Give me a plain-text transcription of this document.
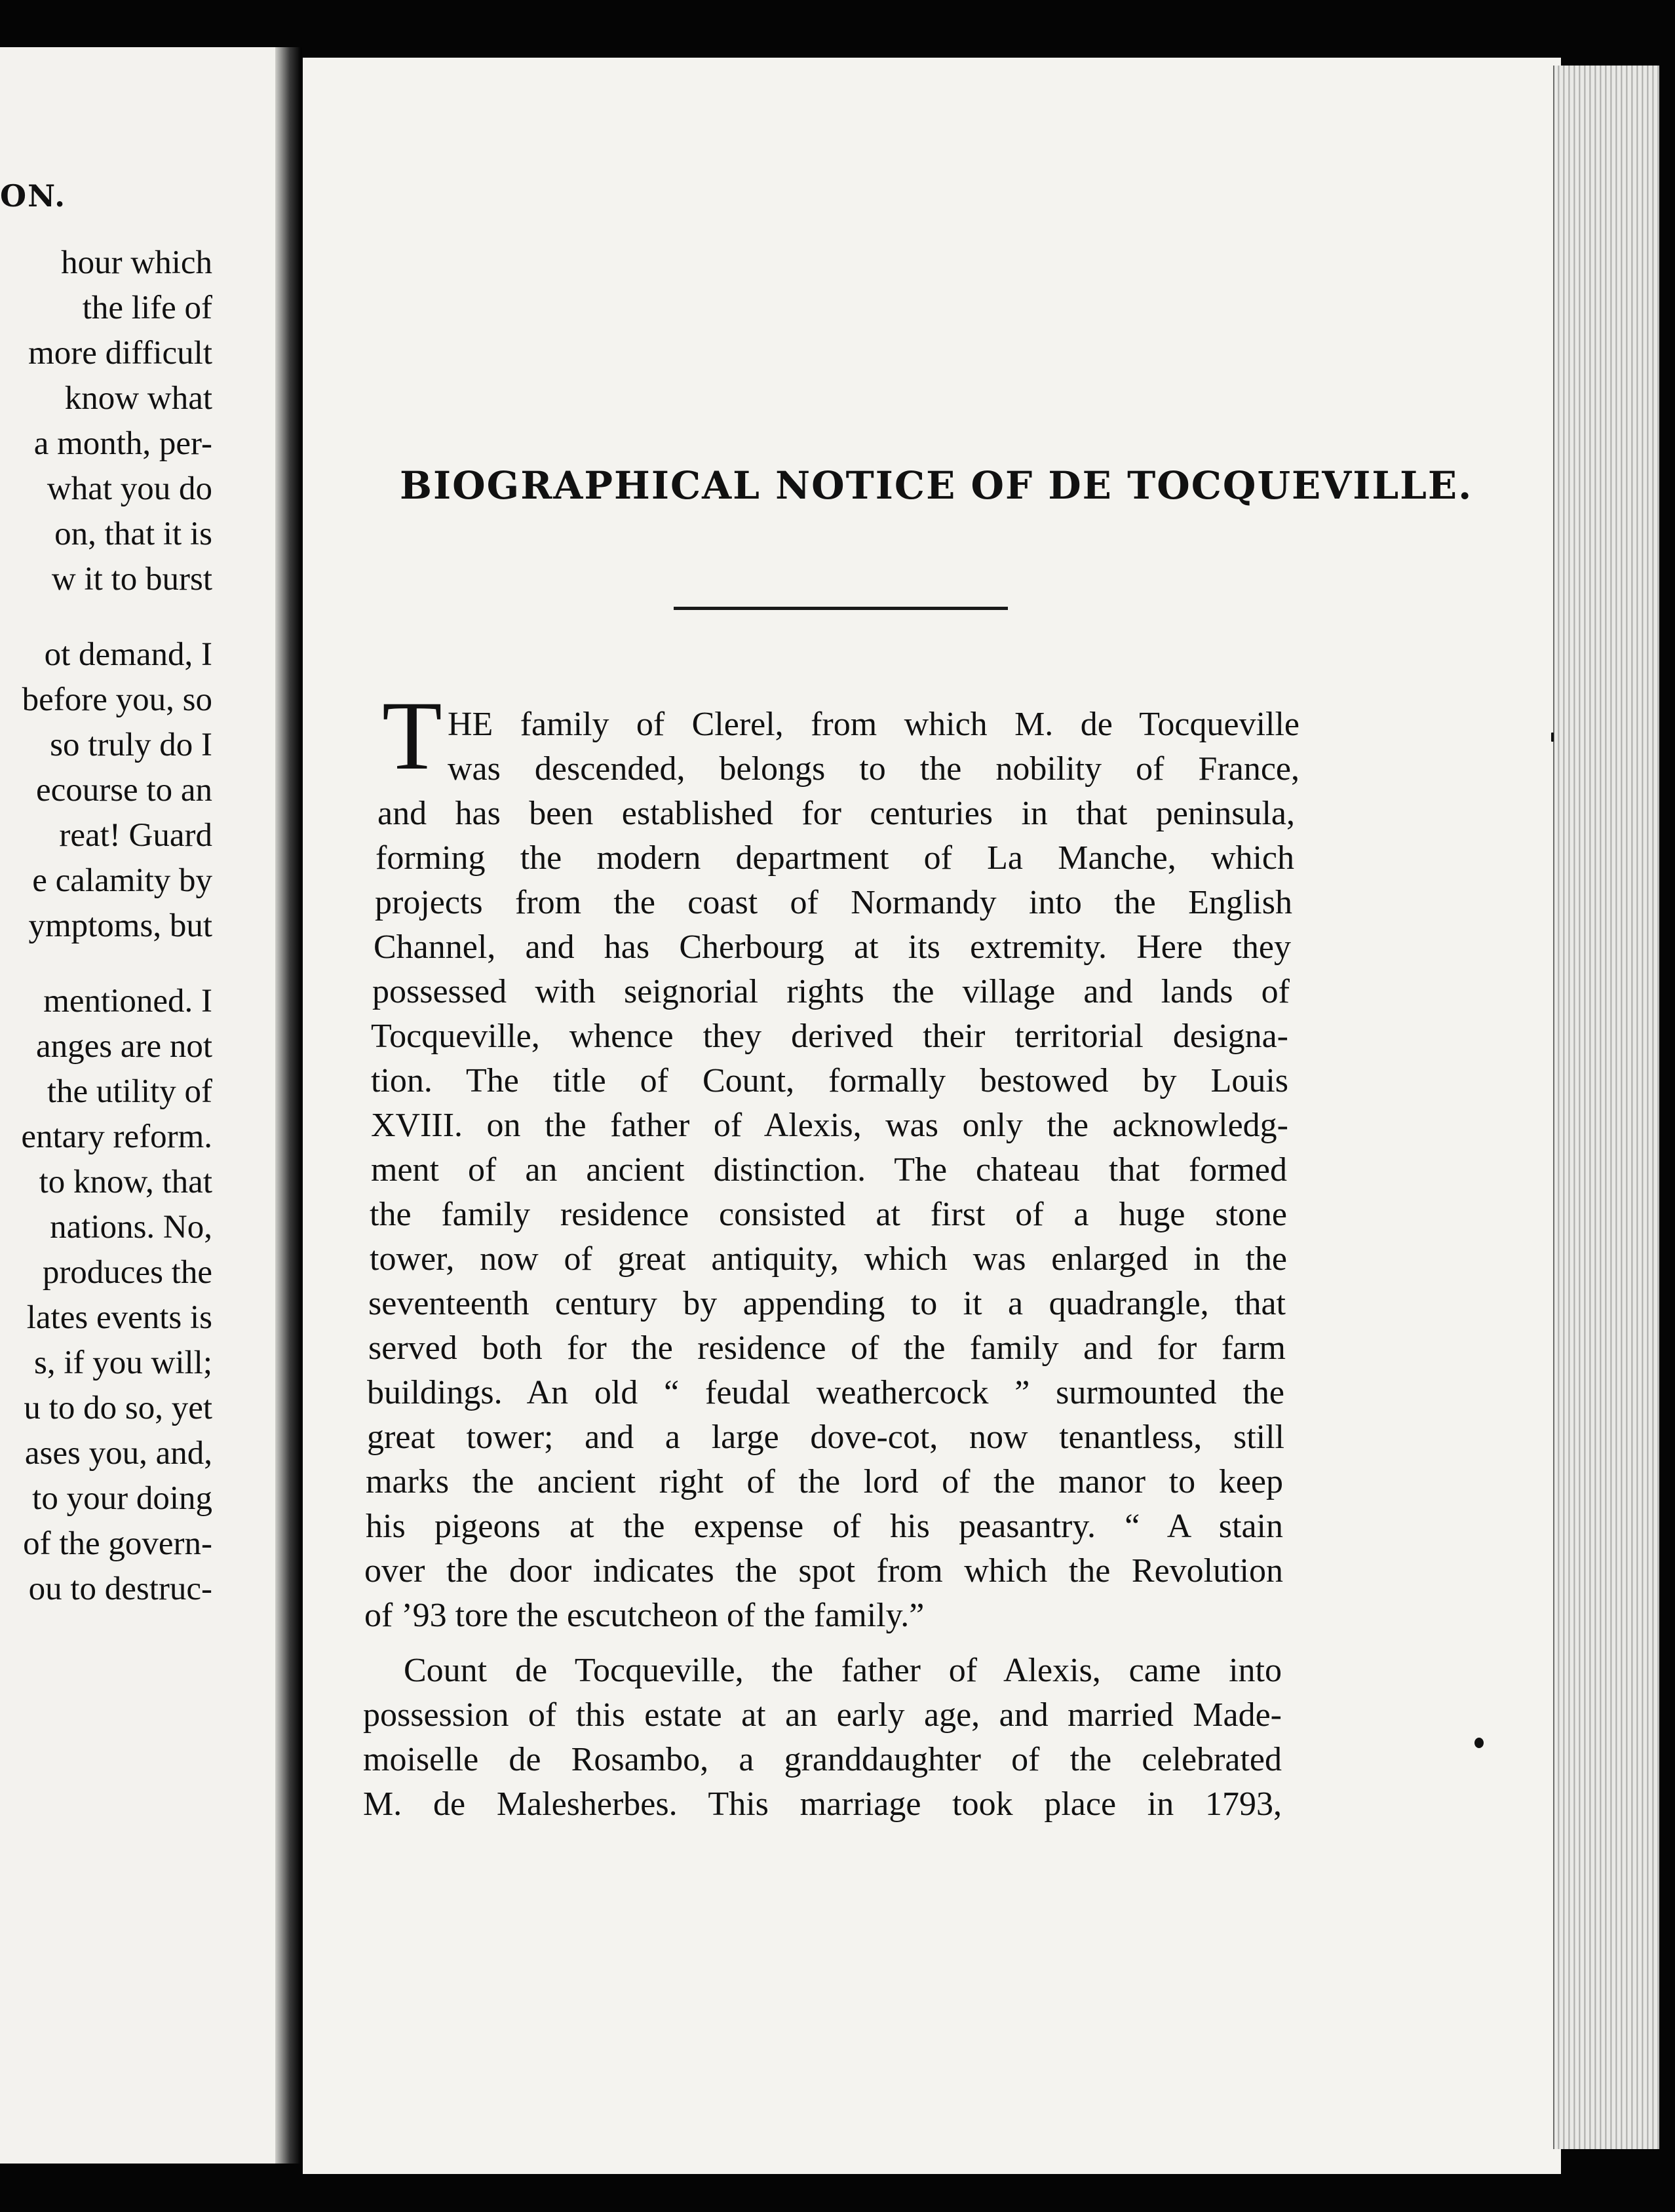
ON.
hour which
the life of
more difficult
know what
a month, per-
what you do
on, that it is
w it to burst
ot demand, I
before you, so
so truly do I
ecourse to an
reat! Guard
e calamity by
ymptoms, but
mentioned. I
anges are not
the utility of
entary reform.
to know, that
nations. No,
produces the
lates events is
s, if you will;
u to do so, yet
ases you, and,
to your doing
of the govern-
ou to destruc-
BIOGRAPHICAL NOTICE OF DE TOCQUEVILLE.
T HE family of Clerel, from which M. de Tocqueville
was descended, belongs to the nobility of France,
and has been established for centuries in that peninsula,
forming the modern department of La Manche, which
projects from the coast of Normandy into the English
Channel, and has Cherbourg at its extremity. Here they
possessed with seignorial rights the village and lands of
Tocqueville, whence they derived their territorial designa-
tion. The title of Count, formally bestowed by Louis
XVIII. on the father of Alexis, was only the acknowledg-
ment of an ancient distinction. The chateau that formed
the family residence consisted at first of a huge stone
tower, now of great antiquity, which was enlarged in the
seventeenth century by appending to it a quadrangle, that
served both for the residence of the family and for farm
buildings. An old “ feudal weathercock ” surmounted the
great tower; and a large dove-cot, now tenantless, still
marks the ancient right of the lord of the manor to keep
his pigeons at the expense of his peasantry. “ A stain
over the door indicates the spot from which the Revolution
of ’93 tore the escutcheon of the family.”
Count de Tocqueville, the father of Alexis, came into
possession of this estate at an early age, and married Made-
moiselle de Rosambo, a granddaughter of the celebrated
M. de Malesherbes. This marriage took place in 1793,
